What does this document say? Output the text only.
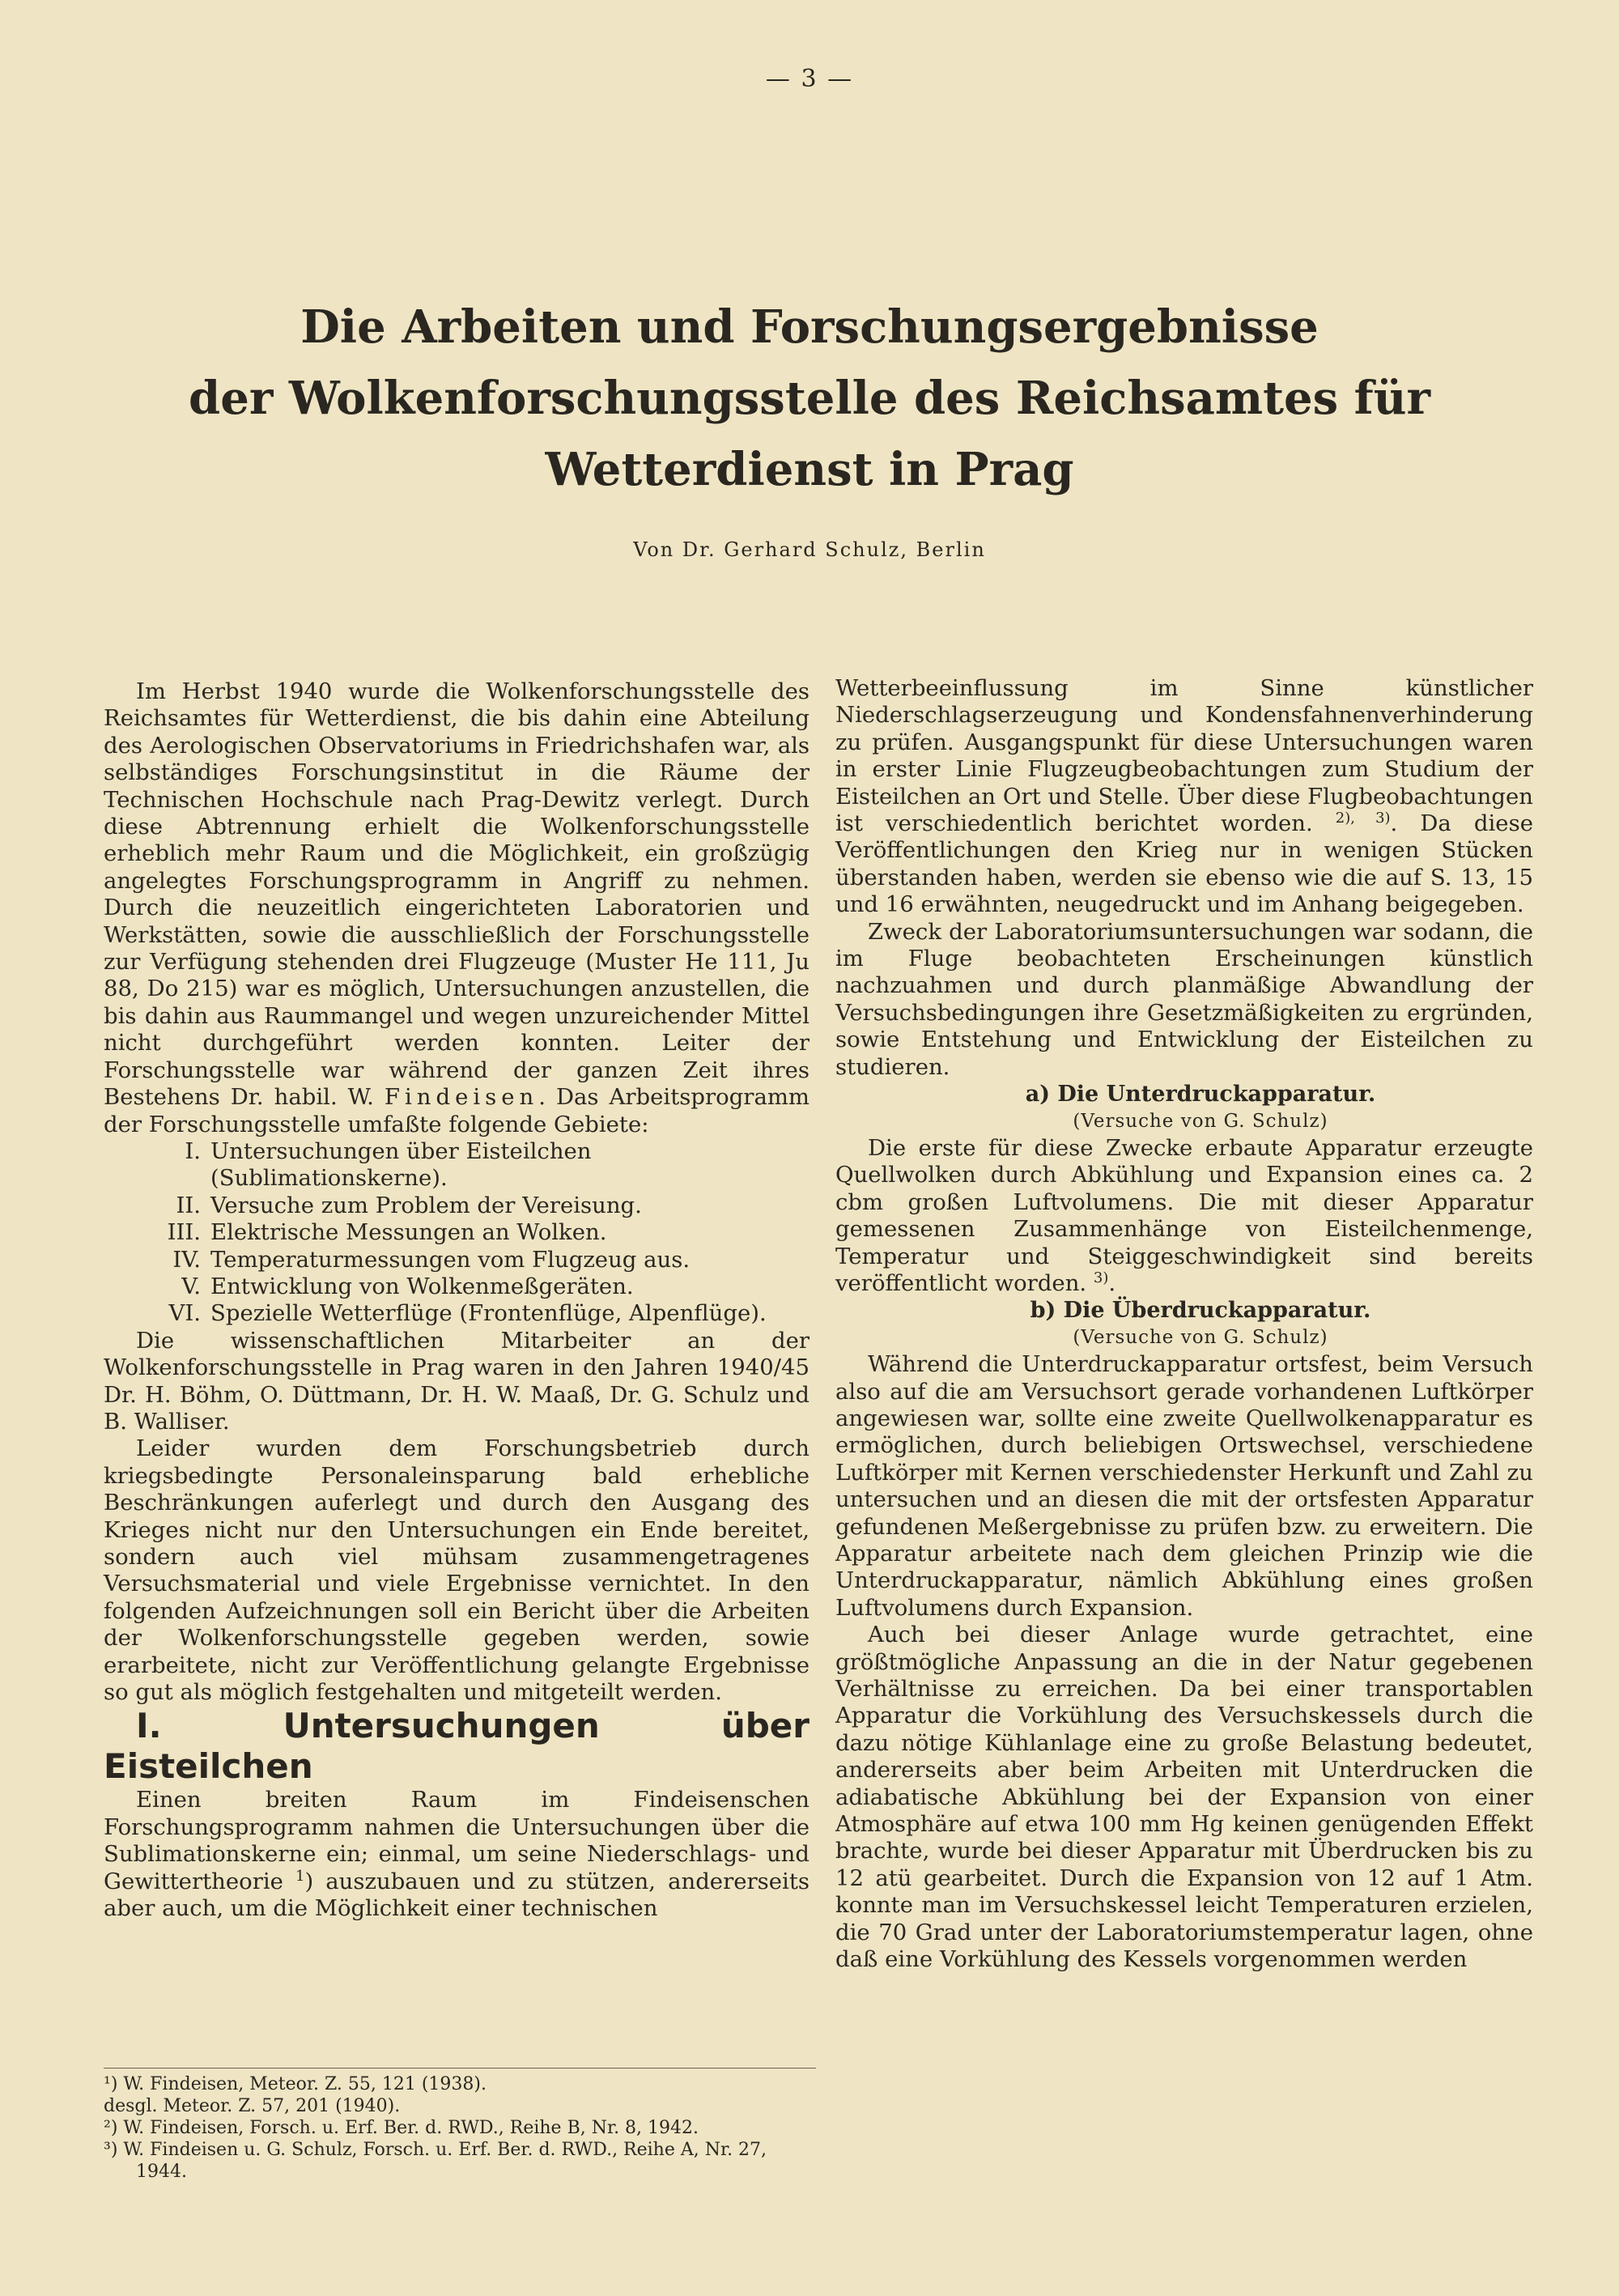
— 3 —
Die Arbeiten und Forschungsergebnisse
der Wolkenforschungsstelle des Reichsamtes für
Wetterdienst in Prag
Von Dr. Gerhard Schulz, Berlin

Im Herbst 1940 wurde die Wolkenforschungsstelle des Reichsamtes für Wetterdienst, die bis dahin eine Abteilung des Aerologischen Observatoriums in Friedrichshafen war, als selbständiges Forschungsinstitut in die Räume der Technischen Hochschule nach Prag-Dewitz verlegt. Durch diese Abtrennung erhielt die Wolkenforschungsstelle erheblich mehr Raum und die Möglichkeit, ein großzügig angelegtes Forschungsprogramm in Angriff zu nehmen. Durch die neuzeitlich eingerichteten Laboratorien und Werkstätten, sowie die ausschließlich der Forschungsstelle zur Verfügung stehenden drei Flugzeuge (Muster He 111, Ju 88, Do 215) war es möglich, Untersuchungen anzustellen, die bis dahin aus Raummangel und wegen unzureichender Mittel nicht durchgeführt werden konnten. Leiter der Forschungsstelle war während der ganzen Zeit ihres Bestehens Dr. habil. W. Findeisen. Das Arbeitsprogramm der Forschungsstelle umfaßte folgende Gebiete:

I. Untersuchungen über Eisteilchen (Sublimationskerne).
II. Versuche zum Problem der Vereisung.
III. Elektrische Messungen an Wolken.
IV. Temperaturmessungen vom Flugzeug aus.
V. Entwicklung von Wolkenmeßgeräten.
VI. Spezielle Wetterflüge (Frontenflüge, Alpenflüge).

Die wissenschaftlichen Mitarbeiter an der Wolkenforschungsstelle in Prag waren in den Jahren 1940/45 Dr. H. Böhm, O. Düttmann, Dr. H. W. Maaß, Dr. G. Schulz und B. Walliser.

Leider wurden dem Forschungsbetrieb durch kriegsbedingte Personaleinsparung bald erhebliche Beschränkungen auferlegt und durch den Ausgang des Krieges nicht nur den Untersuchungen ein Ende bereitet, sondern auch viel mühsam zusammengetragenes Versuchsmaterial und viele Ergebnisse vernichtet. In den folgenden Aufzeichnungen soll ein Bericht über die Arbeiten der Wolkenforschungsstelle gegeben werden, sowie erarbeitete, nicht zur Veröffentlichung gelangte Ergebnisse so gut als möglich festgehalten und mitgeteilt werden.

I. Untersuchungen über Eisteilchen

Einen breiten Raum im Findeisenschen Forschungsprogramm nahmen die Untersuchungen über die Sublimationskerne ein; einmal, um seine Niederschlags- und Gewittertheorie $^1$) auszubauen und zu stützen, andererseits aber auch, um die Möglichkeit einer technischen

¹) W. Findeisen, Meteor. Z. 55, 121 (1938).
desgl. Meteor. Z. 57, 201 (1940).
²) W. Findeisen, Forsch. u. Erf. Ber. d. RWD., Reihe B, Nr. 8, 1942.
³) W. Findeisen u. G. Schulz, Forsch. u. Erf. Ber. d. RWD., Reihe A, Nr. 27, 1944.

Wetterbeeinflussung im Sinne künstlicher Niederschlagserzeugung und Kondensfahnenverhinderung zu prüfen. Ausgangspunkt für diese Untersuchungen waren in erster Linie Flugzeugbeobachtungen zum Studium der Eisteilchen an Ort und Stelle. Über diese Flugbeobachtungen ist verschiedentlich berichtet worden. $^{2), 3)}$. Da diese Veröffentlichungen den Krieg nur in wenigen Stücken überstanden haben, werden sie ebenso wie die auf S. 13, 15 und 16 erwähnten, neugedruckt und im Anhang beigegeben.

Zweck der Laboratoriumsuntersuchungen war sodann, die im Fluge beobachteten Erscheinungen künstlich nachzuahmen und durch planmäßige Abwandlung der Versuchsbedingungen ihre Gesetzmäßigkeiten zu ergründen, sowie Entstehung und Entwicklung der Eisteilchen zu studieren.

a) Die Unterdruckapparatur.

(Versuche von G. Schulz)

Die erste für diese Zwecke erbaute Apparatur erzeugte Quellwolken durch Abkühlung und Expansion eines ca. 2 cbm großen Luftvolumens. Die mit dieser Apparatur gemessenen Zusammenhänge von Eisteilchenmenge, Temperatur und Steiggeschwindigkeit sind bereits veröffentlicht worden. $^{3)}$.

b) Die Überdruckapparatur.

(Versuche von G. Schulz)

Während die Unterdruckapparatur ortsfest, beim Versuch also auf die am Versuchsort gerade vorhandenen Luftkörper angewiesen war, sollte eine zweite Quellwolkenapparatur es ermöglichen, durch beliebigen Ortswechsel, verschiedene Luftkörper mit Kernen verschiedenster Herkunft und Zahl zu untersuchen und an diesen die mit der ortsfesten Apparatur gefundenen Meßergebnisse zu prüfen bzw. zu erweitern. Die Apparatur arbeitete nach dem gleichen Prinzip wie die Unterdruckapparatur, nämlich Abkühlung eines großen Luftvolumens durch Expansion.

Auch bei dieser Anlage wurde getrachtet, eine größtmögliche Anpassung an die in der Natur gegebenen Verhältnisse zu erreichen. Da bei einer transportablen Apparatur die Vorkühlung des Versuchskessels durch die dazu nötige Kühlanlage eine zu große Belastung bedeutet, andererseits aber beim Arbeiten mit Unterdrucken die adiabatische Abkühlung bei der Expansion von einer Atmosphäre auf etwa 100 mm Hg keinen genügenden Effekt brachte, wurde bei dieser Apparatur mit Überdrucken bis zu 12 atü gearbeitet. Durch die Expansion von 12 auf 1 Atm. konnte man im Versuchskessel leicht Temperaturen erzielen, die 70 Grad unter der Laboratoriumstemperatur lagen, ohne daß eine Vorkühlung des Kessels vorgenommen werden
